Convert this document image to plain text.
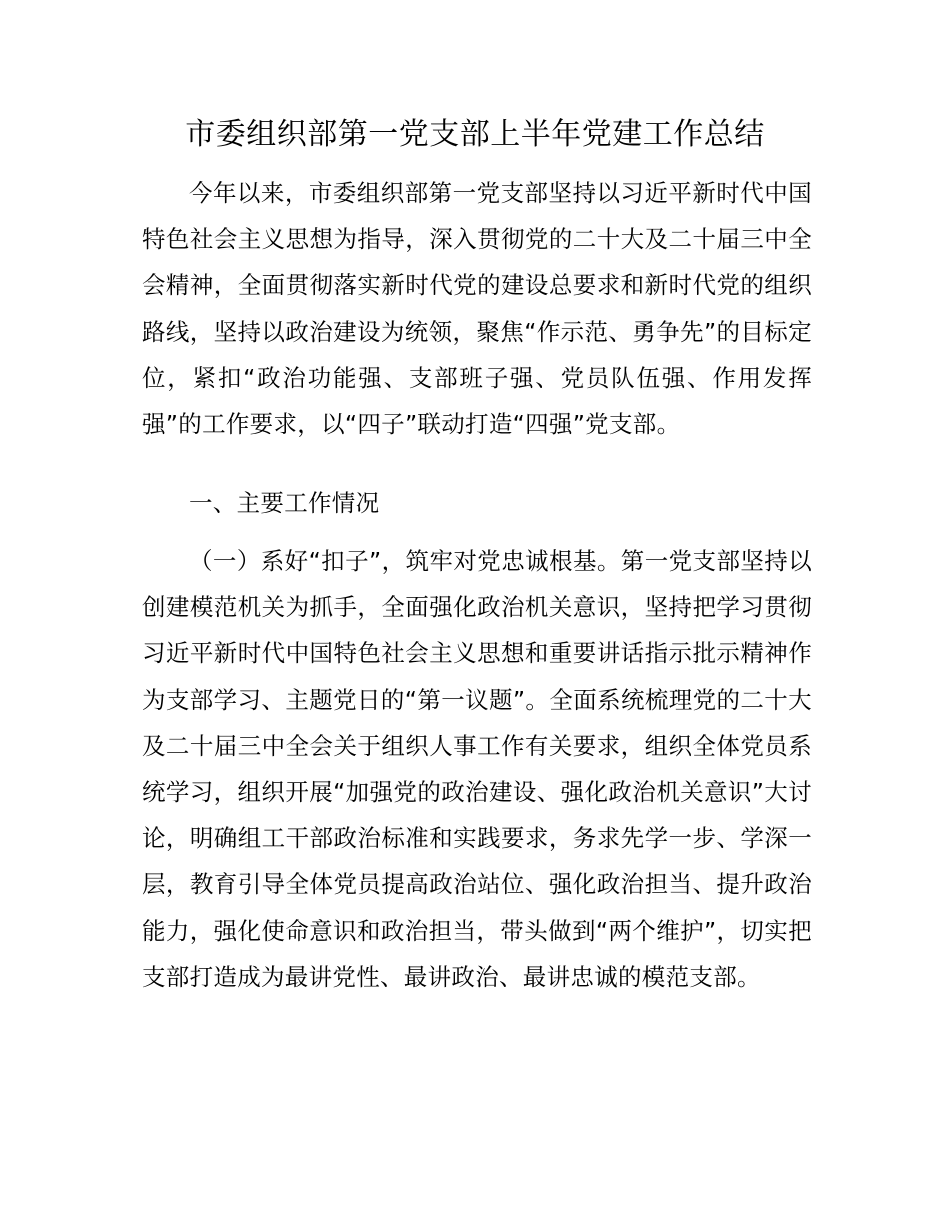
市委组织部第一党支部上半年党建工作总结

今年以来，市委组织部第一党支部坚持以习近平新时代中国特色社会主义思想为指导，深入贯彻党的二十大及二十届三中全会精神，全面贯彻落实新时代党的建设总要求和新时代党的组织路线，坚持以政治建设为统领，聚焦“作示范、勇争先”的目标定位，紧扣“政治功能强、支部班子强、党员队伍强、作用发挥强”的工作要求，以“四子”联动打造“四强”党支部。

一、主要工作情况

（一）系好“扣子”，筑牢对党忠诚根基。第一党支部坚持以创建模范机关为抓手，全面强化政治机关意识，坚持把学习贯彻习近平新时代中国特色社会主义思想和重要讲话指示批示精神作为支部学习、主题党日的“第一议题”。全面系统梳理党的二十大及二十届三中全会关于组织人事工作有关要求，组织全体党员系统学习，组织开展“加强党的政治建设、强化政治机关意识”大讨论，明确组工干部政治标准和实践要求，务求先学一步、学深一层，教育引导全体党员提高政治站位、强化政治担当、提升政治能力，强化使命意识和政治担当，带头做到“两个维护”，切实把支部打造成为最讲党性、最讲政治、最讲忠诚的模范支部。
